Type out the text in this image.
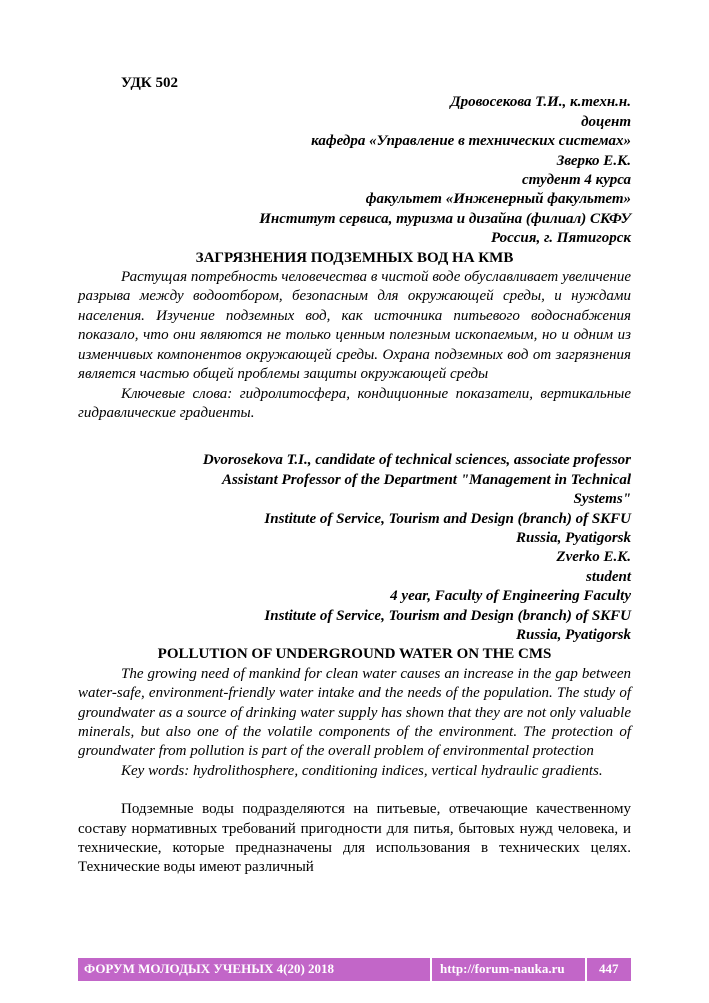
УДК 502

Дровосекова Т.И., к.техн.н.

доцент

кафедра «Управление в технических системах»

Зверко Е.К.

студент 4 курса

факультет «Инженерный факультет»

Институт сервиса, туризма и дизайна (филиал) СКФУ

Россия, г. Пятигорск

ЗАГРЯЗНЕНИЯ ПОДЗЕМНЫХ ВОД НА КМВ

Растущая потребность человечества в чистой воде обуславливает увеличение разрыва между водоотбором, безопасным для окружающей среды, и нуждами населения. Изучение подземных вод, как источника питьевого водоснабжения показало, что они являются не только ценным полезным ископаемым, но и одним из изменчивых компонентов окружающей среды. Охрана подземных вод от загрязнения является частью общей проблемы защиты окружающей среды

Ключевые слова: гидролитосфера, кондиционные показатели, вертикальные гидравлические градиенты.

Dvorosekova T.I., candidate of technical sciences, associate professor

Assistant Professor of the Department "Management in Technical

Systems"

Institute of Service, Tourism and Design (branch) of SKFU

Russia, Pyatigorsk

Zverko E.K.

student

4 year, Faculty of Engineering Faculty

Institute of Service, Tourism and Design (branch) of SKFU

Russia, Pyatigorsk

POLLUTION OF UNDERGROUND WATER ON THE CMS

The growing need of mankind for clean water causes an increase in the gap between water-safe, environment-friendly water intake and the needs of the population. The study of groundwater as a source of drinking water supply has shown that they are not only valuable minerals, but also one of the volatile components of the environment. The protection of groundwater from pollution is part of the overall problem of environmental protection

Key words: hydrolithosphere, conditioning indices, vertical hydraulic gradients.

Подземные воды подразделяются на питьевые, отвечающие качественному составу нормативных требований пригодности для питья, бытовых нужд человека, и технические, которые предназначены для использования в технических целях. Технические воды имеют различный

ФОРУМ МОЛОДЫХ УЧЕНЫХ 4(20) 2018	http://forum-nauka.ru	447
